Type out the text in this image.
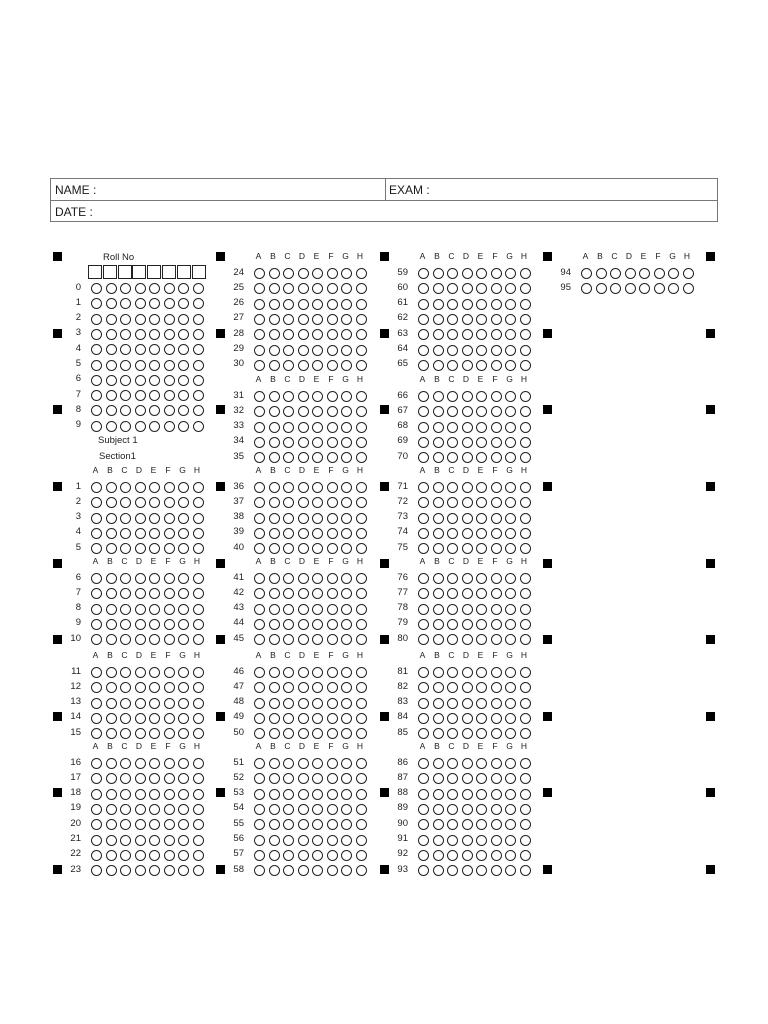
NAME :	EXAM :
DATE :
Roll No
0
1
2
3
4
5
6
7
8
9
Subject 1
Section1
A B C D E F G H
1
2
3
4
5
A B C D E F G H
6
7
8
9
10
A B C D E F G H
11
12
13
14
15
A B C D E F G H
16
17
18
19
20
21
22
23
A B C D E F G H
24
25
26
27
28
29
30
A B C D E F G H
31
32
33
34
35
A B C D E F G H
36
37
38
39
40
A B C D E F G H
41
42
43
44
45
A B C D E F G H
46
47
48
49
50
A B C D E F G H
51
52
53
54
55
56
57
58
A B C D E F G H
59
60
61
62
63
64
65
A B C D E F G H
66
67
68
69
70
A B C D E F G H
71
72
73
74
75
A B C D E F G H
76
77
78
79
80
A B C D E F G H
81
82
83
84
85
A B C D E F G H
86
87
88
89
90
91
92
93
A B C D E F G H
94
95
